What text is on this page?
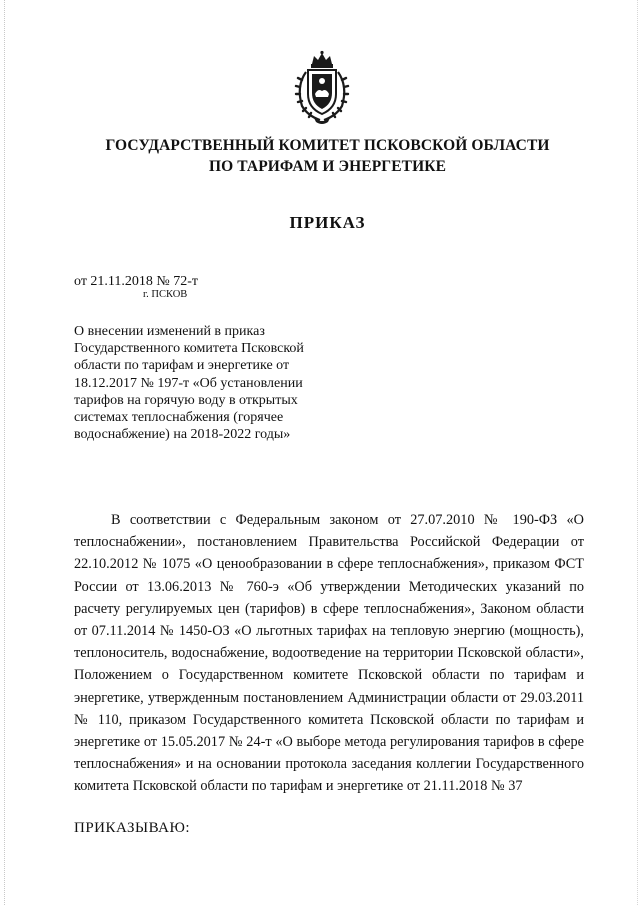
ГОСУДАРСТВЕННЫЙ КОМИТЕТ ПСКОВСКОЙ ОБЛАСТИ
ПО ТАРИФАМ И ЭНЕРГЕТИКЕ
ПРИКАЗ
от 21.11.2018 № 72-т
г. ПСКОВ
О внесении изменений в приказ
Государственного комитета Псковской
области по тарифам и энергетике от
18.12.2017 № 197-т «Об установлении
тарифов на горячую воду в открытых
системах теплоснабжения (горячее
водоснабжение) на 2018-2022 годы»

В соответствии с Федеральным законом от 27.07.2010 № 190-ФЗ «О теплоснабжении», постановлением Правительства Российской Федерации от 22.10.2012 № 1075 «О ценообразовании в сфере теплоснабжения», приказом ФСТ России от 13.06.2013 № 760-э «Об утверждении Методических указаний по расчету регулируемых цен (тарифов) в сфере теплоснабжения», Законом области от 07.11.2014 № 1450-ОЗ «О льготных тарифах на тепловую энергию (мощность), теплоноситель, водоснабжение, водоотведение на территории Псковской области», Положением о Государственном комитете Псковской области по тарифам и энергетике, утвержденным постановлением Администрации области от 29.03.2011 № 110, приказом Государственного комитета Псковской области по тарифам и энергетике от 15.05.2017 № 24-т «О выборе метода регулирования тарифов в сфере теплоснабжения» и на основании протокола заседания коллегии Государственного комитета Псковской области по тарифам и энергетике от 21.11.2018 № 37

ПРИКАЗЫВАЮ:
